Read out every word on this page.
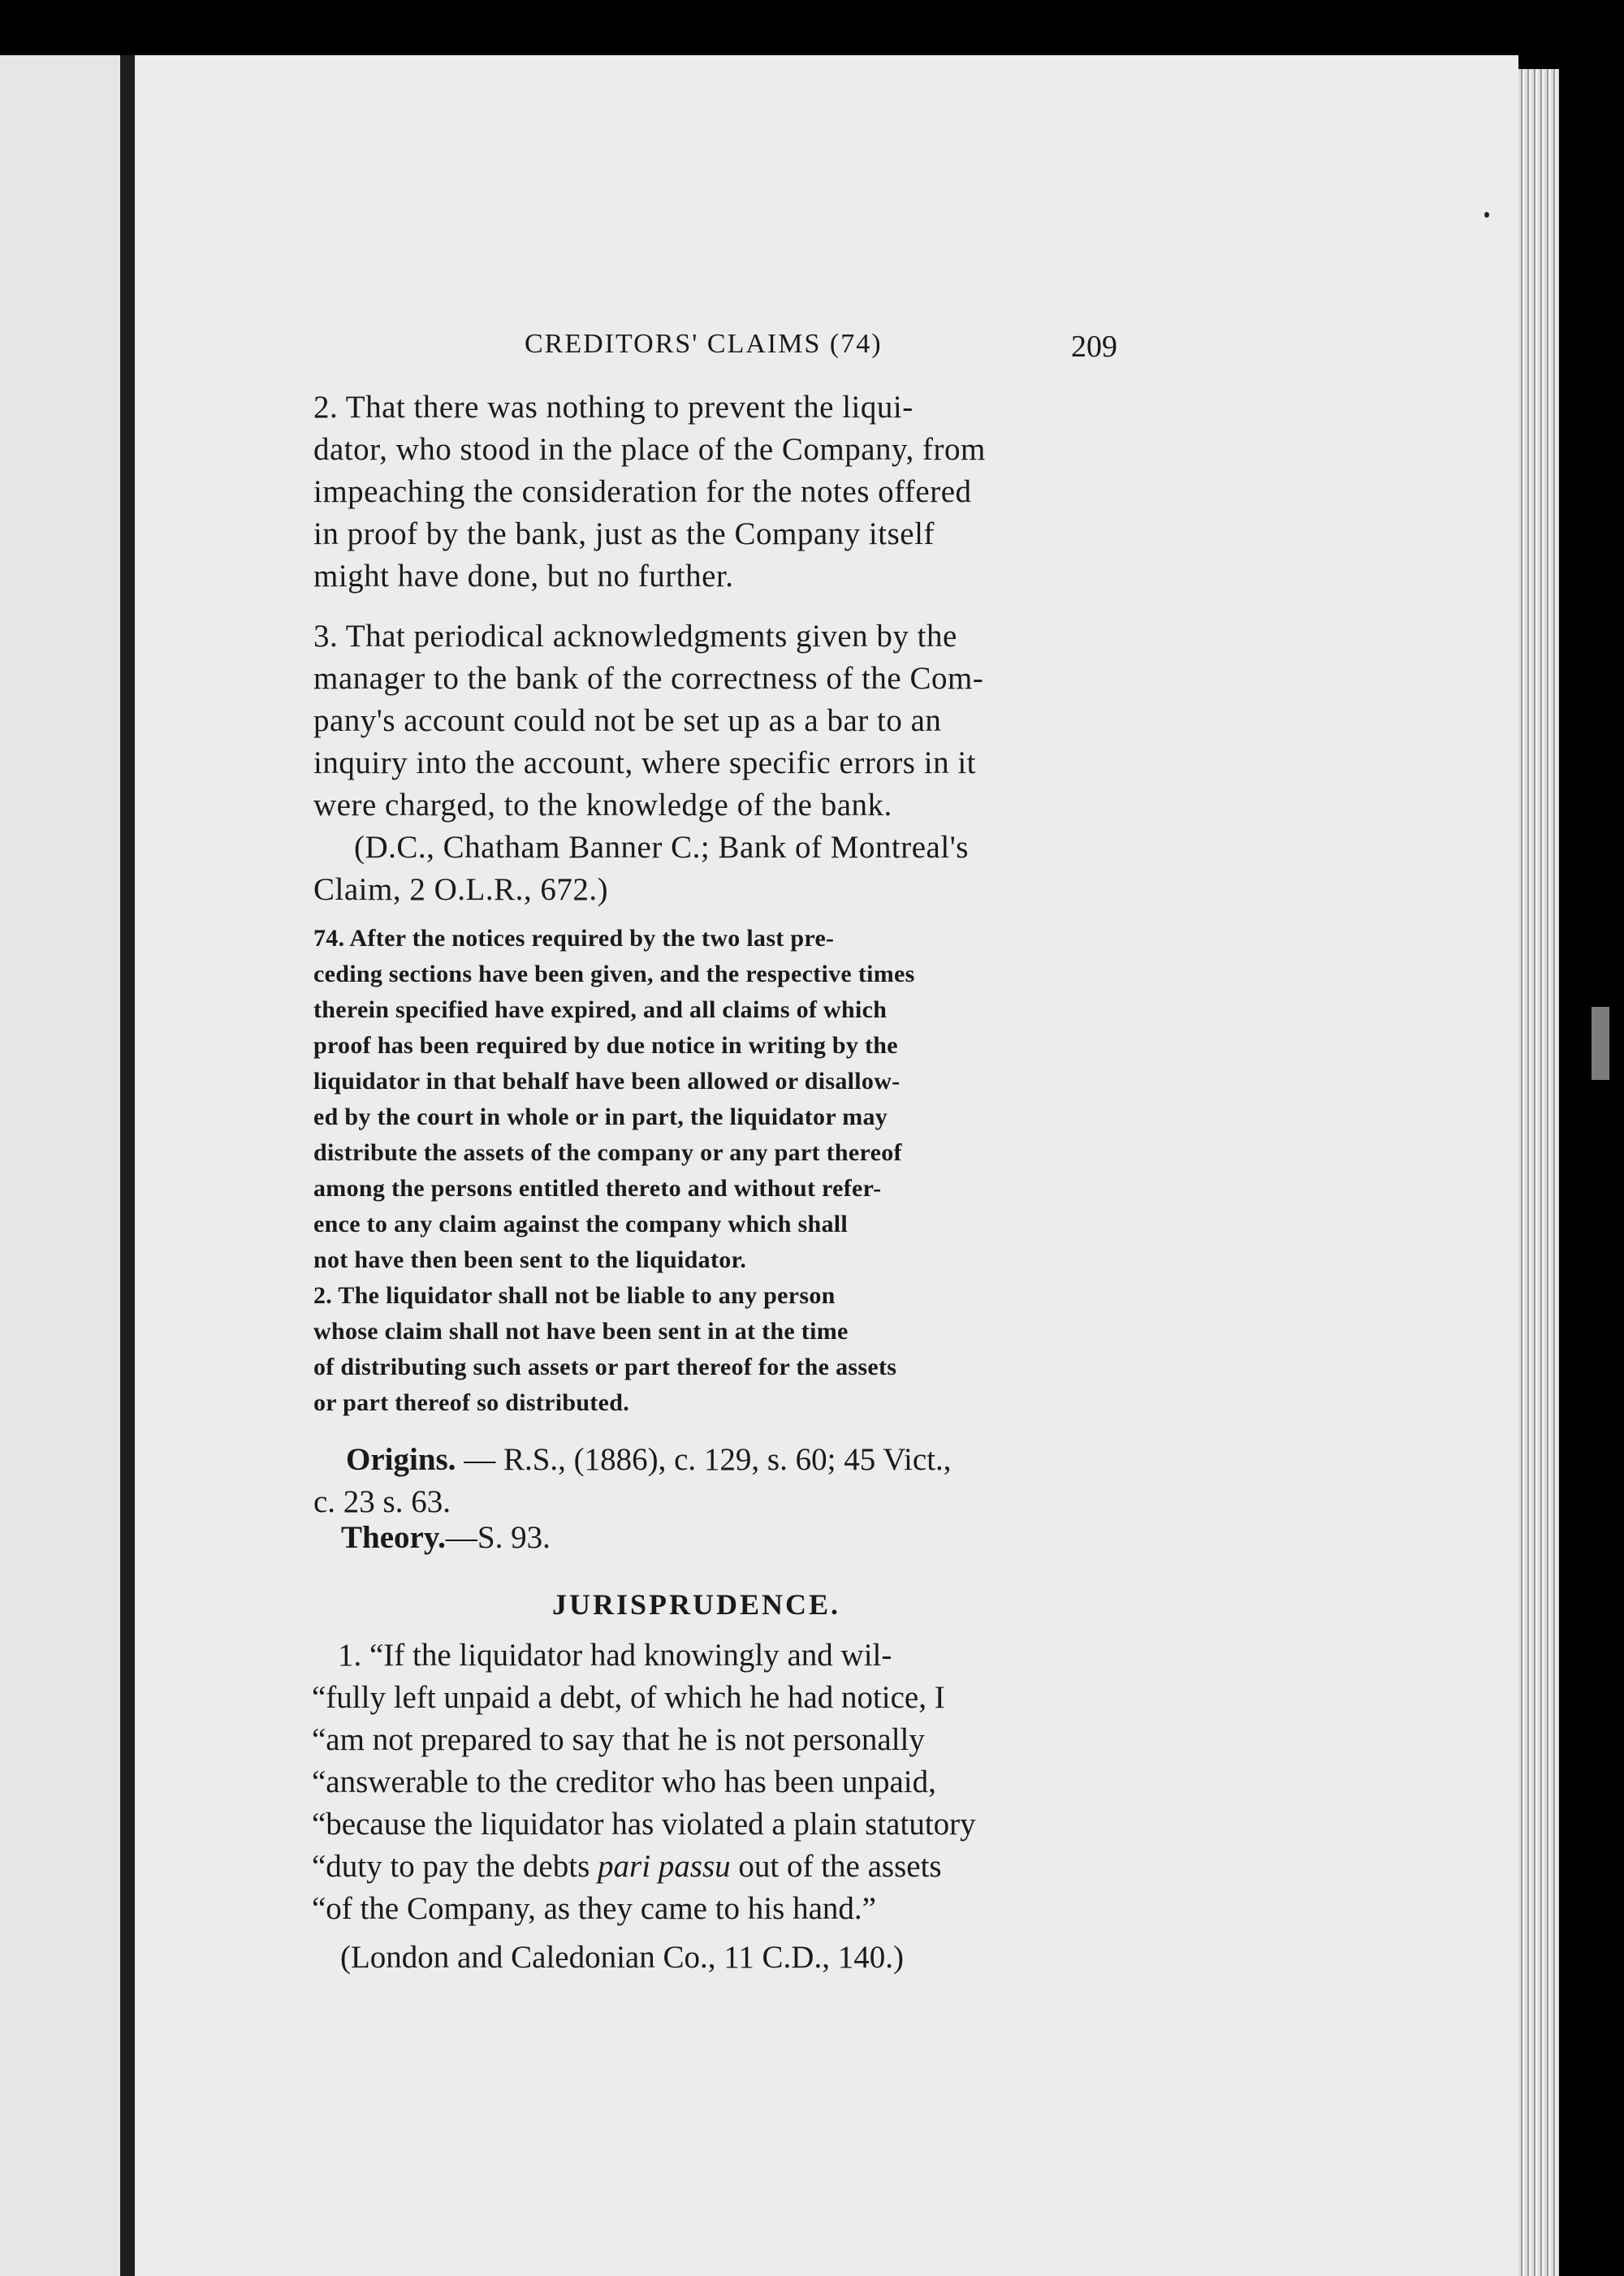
CREDITORS' CLAIMS (74)	209

2. That there was nothing to prevent the liqui-
dator, who stood in the place of the Company, from
impeaching the consideration for the notes offered
in proof by the bank, just as the Company itself
might have done, but no further.

3. That periodical acknowledgments given by the
manager to the bank of the correctness of the Com-
pany's account could not be set up as a bar to an
inquiry into the account, where specific errors in it
were charged, to the knowledge of the bank.

(D.C., Chatham Banner C.; Bank of Montreal's
Claim, 2 O.L.R., 672.)

74. After the notices required by the two last pre-
ceding sections have been given, and the respective times
therein specified have expired, and all claims of which
proof has been required by due notice in writing by the
liquidator in that behalf have been allowed or disallow-
ed by the court in whole or in part, the liquidator may
distribute the assets of the company or any part thereof
among the persons entitled thereto and without refer-
ence to any claim against the company which shall
not have then been sent to the liquidator.

2. The liquidator shall not be liable to any person
whose claim shall not have been sent in at the time
of distributing such assets or part thereof for the assets
or part thereof so distributed.

Origins. — R.S., (1886), c. 129, s. 60; 45 Vict.,
c. 23 s. 63.

Theory.—S. 93.

JURISPRUDENCE.

1. “If the liquidator had knowingly and wil-
“fully left unpaid a debt, of which he had notice, I
“am not prepared to say that he is not personally
“answerable to the creditor who has been unpaid,
“because the liquidator has violated a plain statutory
“duty to pay the debts pari passu out of the assets
“of the Company, as they came to his hand.”
(London and Caledonian Co., 11 C.D., 140.)
